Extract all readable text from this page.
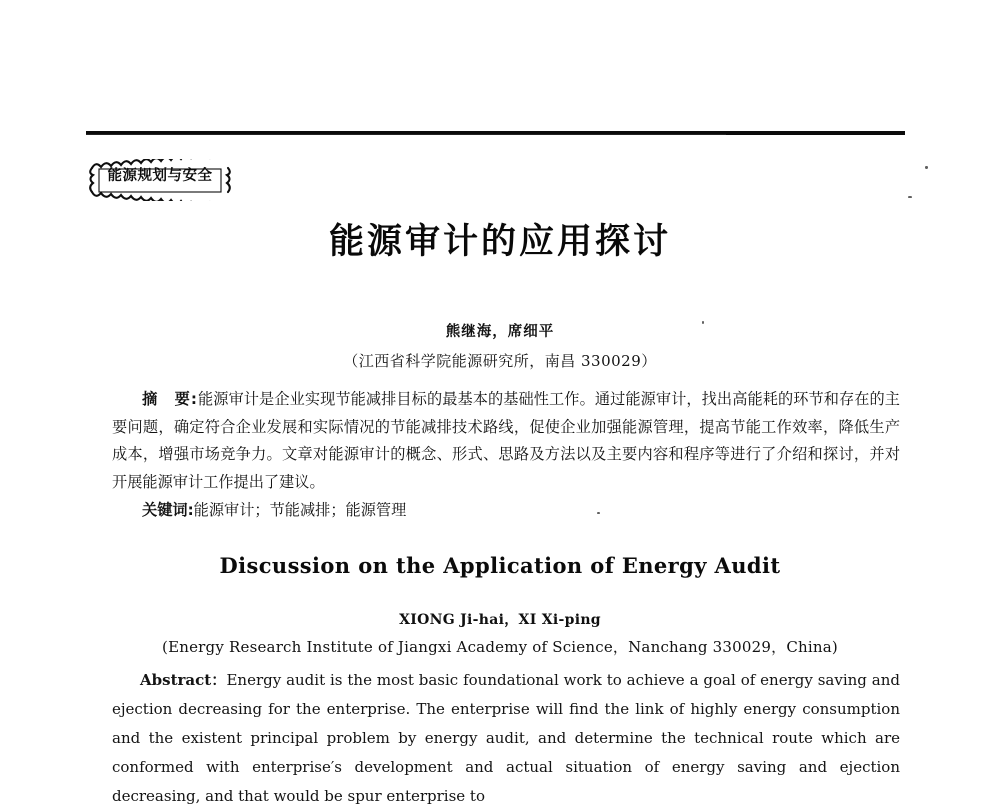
能源规划与安全
能源审计的应用探讨
熊继海，席细平
（江西省科学院能源研究所，南昌 330029）
摘　要:能源审计是企业实现节能减排目标的最基本的基础性工作。通过能源审计，找出高能耗的环节和存在的主要问题，确定符合企业发展和实际情况的节能减排技术路线，促使企业加强能源管理，提高节能工作效率，降低生产成本，增强市场竞争力。文章对能源审计的概念、形式、思路及方法以及主要内容和程序等进行了介绍和探讨，并对开展能源审计工作提出了建议。
关键词:能源审计；节能减排；能源管理
Discussion on the Application of Energy Audit
XIONG Ji-hai，XI Xi-ping
(Energy Research Institute of Jiangxi Academy of Science，Nanchang 330029，China)
Abstract：Energy audit is the most basic foundational work to achieve a goal of energy saving and ejection decreasing for the enterprise. The enterprise will find the link of highly energy consumption and the existent principal problem by energy audit, and determine the technical route which are conformed with enterprise′s development and actual situation of energy saving and ejection decreasing, and that would be spur enterprise to
